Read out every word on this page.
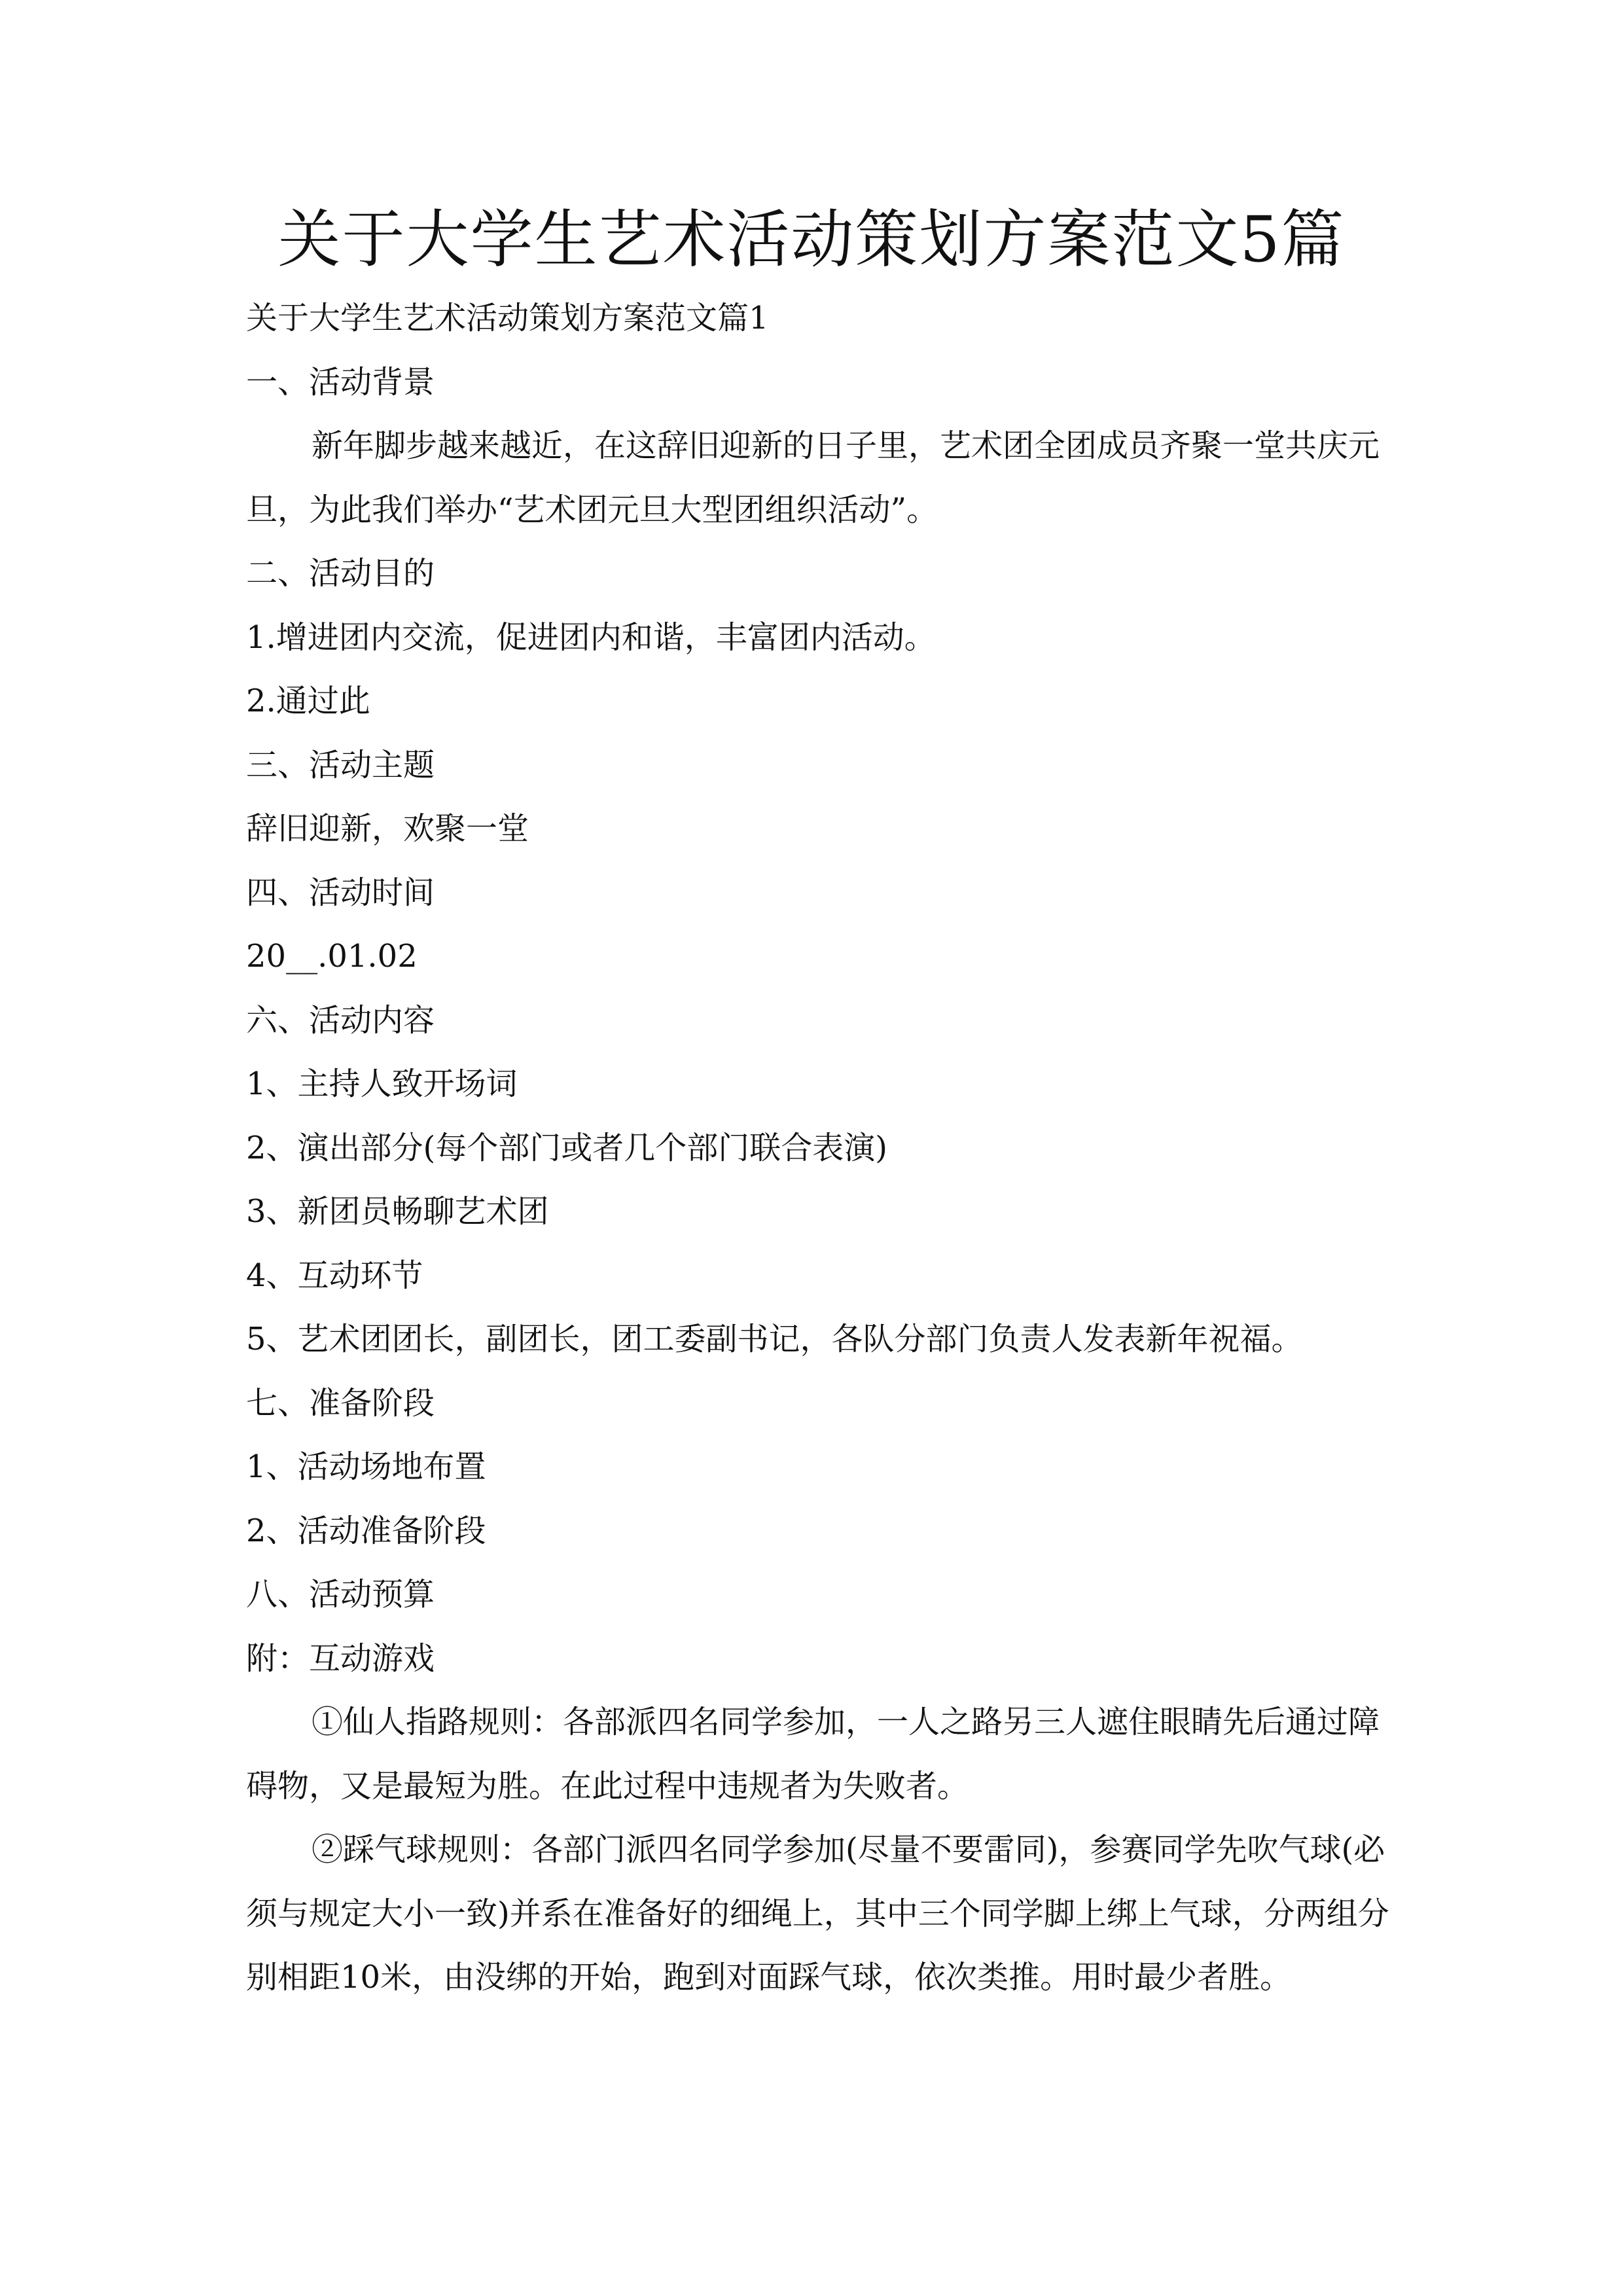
关于大学生艺术活动策划方案范文5篇

关于大学生艺术活动策划方案范文篇1

一、活动背景

新年脚步越来越近，在这辞旧迎新的日子里，艺术团全团成员齐聚一堂共庆元旦，为此我们举办“艺术团元旦大型团组织活动”。

二、活动目的

1.增进团内交流，促进团内和谐，丰富团内活动。

2.通过此

三、活动主题

辞旧迎新，欢聚一堂

四、活动时间

20__.01.02

六、活动内容

1、主持人致开场词

2、演出部分(每个部门或者几个部门联合表演)

3、新团员畅聊艺术团

4、互动环节

5、艺术团团长，副团长，团工委副书记，各队分部门负责人发表新年祝福。

七、准备阶段

1、活动场地布置

2、活动准备阶段

八、活动预算

附：互动游戏

①仙人指路规则：各部派四名同学参加，一人之路另三人遮住眼睛先后通过障碍物，又是最短为胜。在此过程中违规者为失败者。

②踩气球规则：各部门派四名同学参加(尽量不要雷同)，参赛同学先吹气球(必须与规定大小一致)并系在准备好的细绳上，其中三个同学脚上绑上气球，分两组分别相距10米，由没绑的开始，跑到对面踩气球，依次类推。用时最少者胜。
